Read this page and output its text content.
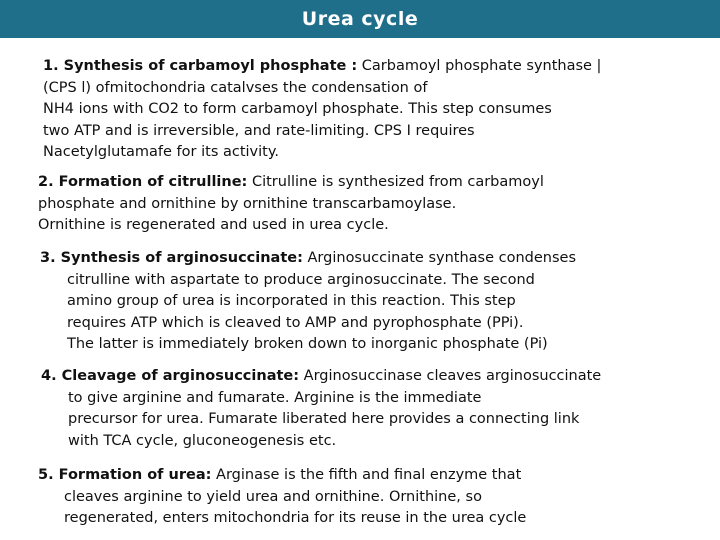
Urea cycle
1. Synthesis of carbamoyl phosphate : Carbamoyl phosphate synthase |
(CPS l) ofmitochondria catalvses the condensation of
NH4 ions with CO2 to form carbamoyl phosphate. This step consumes
two ATP and is irreversible, and rate-limiting. CPS I requires
Nacetylglutamafe for its activity.
2. Formation of citrulline: Citrulline is synthesized from carbamoyl
phosphate and ornithine by ornithine transcarbamoylase.
Ornithine is regenerated and used in urea cycle.
3. Synthesis of arginosuccinate: Arginosuccinate synthase condenses
citrulline with aspartate to produce arginosuccinate. The second
amino group of urea is incorporated in this reaction. This step
requires ATP which is cleaved to AMP and pyrophosphate (PPi).
The latter is immediately broken down to inorganic phosphate (Pi)
4. Cleavage of arginosuccinate: Arginosuccinase cleaves arginosuccinate
to give arginine and fumarate. Arginine is the immediate
precursor for urea. Fumarate liberated here provides a connecting link
with TCA cycle, gluconeogenesis etc.
5. Formation of urea: Arginase is the fifth and final enzyme that
cleaves arginine to yield urea and ornithine. Ornithine, so
regenerated, enters mitochondria for its reuse in the urea cycle
